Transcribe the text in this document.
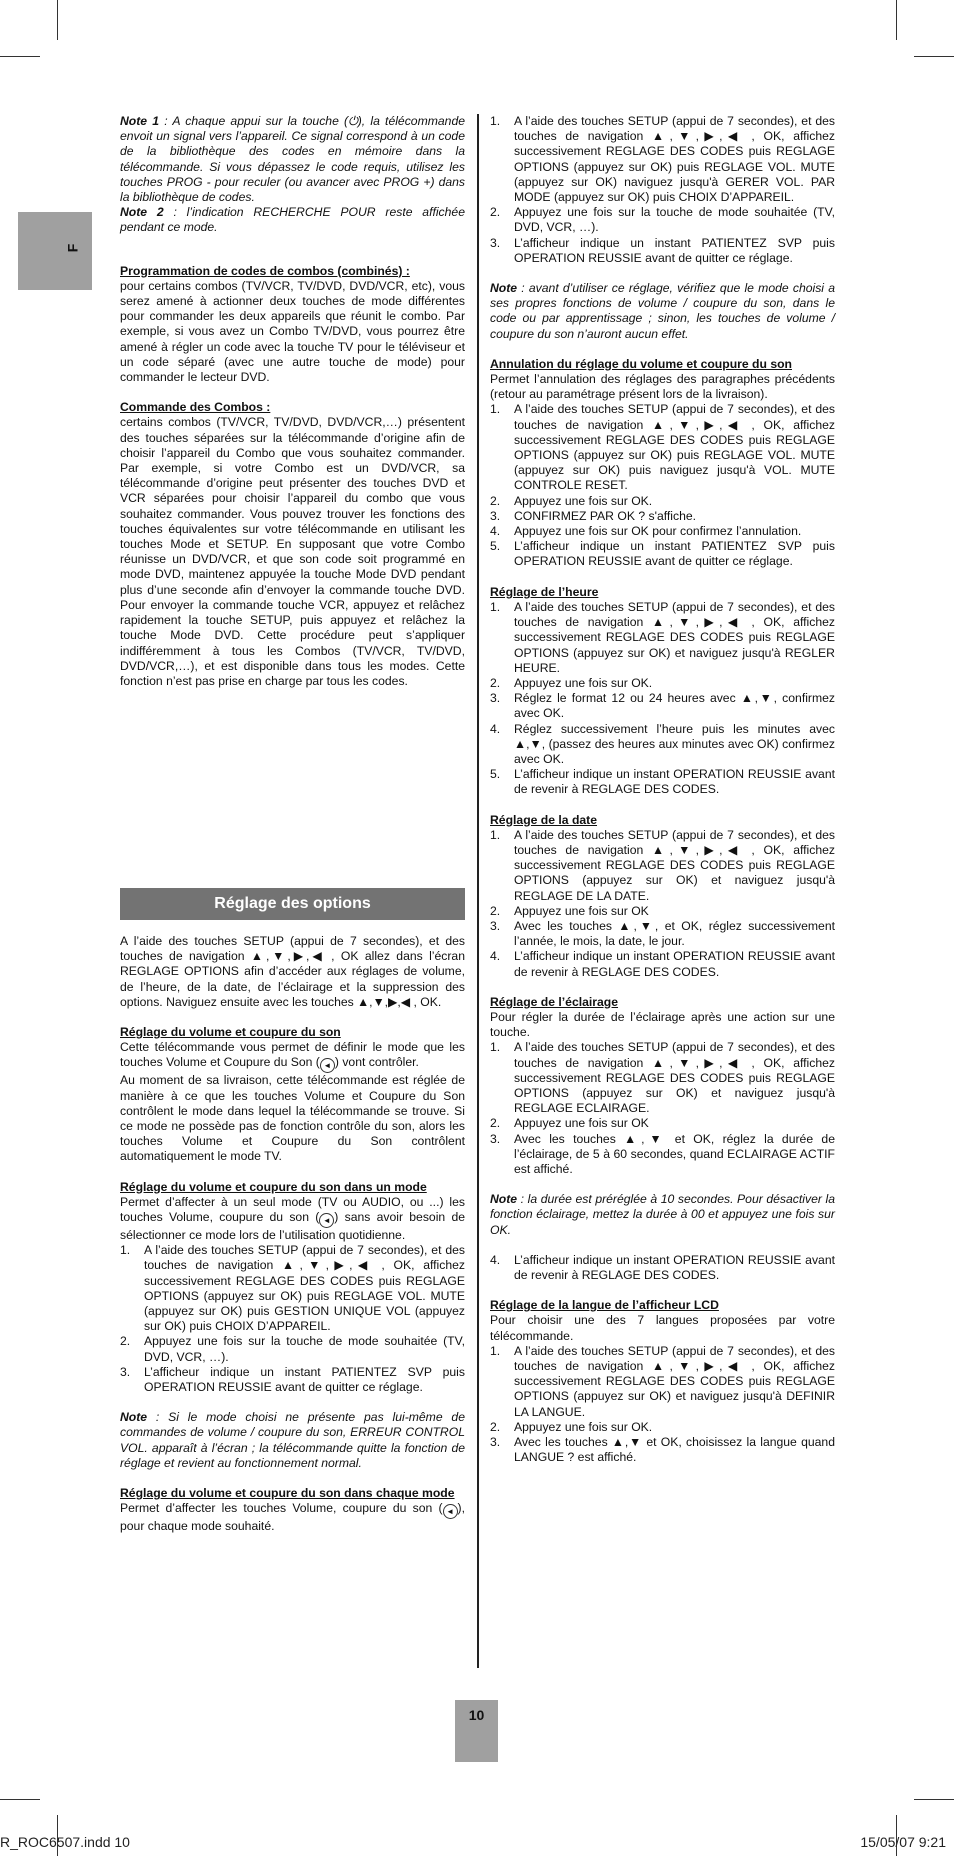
F

Note 1 : A chaque appui sur la touche (⏻), la télécommande envoit un signal vers l’appareil. Ce signal correspond à un code de la bibliothèque des codes en mémoire dans la télécommande. Si vous dépassez le code requis, utilisez les touches PROG - pour reculer (ou avancer avec PROG +) dans la bibliothèque de codes.

Note 2 : l’indication RECHERCHE POUR reste affichée pendant ce mode.

Programmation de codes de combos (combinés) :

pour certains combos (TV/VCR, TV/DVD, DVD/VCR, etc), vous serez amené à actionner deux touches de mode différentes pour commander les deux appareils que réunit le combo. Par exemple, si vous avez un Combo TV/DVD, vous pourrez être amené à régler un code avec la touche TV pour le téléviseur et un code séparé (avec une autre touche de mode) pour commander le lecteur DVD.

Commande des Combos :

certains combos (TV/VCR, TV/DVD, DVD/VCR,…) présentent des touches séparées sur la télécommande d’origine afin de choisir l’appareil du Combo que vous souhaitez commander. Par exemple, si votre Combo est un DVD/VCR, sa télécommande d’origine peut présenter des touches DVD et VCR séparées pour choisir l’appareil du combo que vous souhaitez commander. Vous pouvez trouver les fonctions des touches équivalentes sur votre télécommande en utilisant les touches Mode et SETUP. En supposant que votre Combo réunisse un DVD/VCR, et que son code soit programmé en mode DVD, maintenez appuyée la touche Mode DVD pendant plus d’une seconde afin d’envoyer la commande touche DVD. Pour envoyer la commande touche VCR, appuyez et relâchez rapidement la touche SETUP, puis appuyez et relâchez la touche Mode DVD. Cette procédure peut s’appliquer indifféremment à tous les Combos (TV/VCR, TV/DVD, DVD/VCR,…), et est disponible dans tous les modes. Cette fonction n’est pas prise en charge par tous les codes.

Réglage des options

A l’aide des touches SETUP (appui de 7 secondes), et des touches de navigation ▲,▼,▶,◀ , OK allez dans l’écran REGLAGE OPTIONS afin d’accéder aux réglages de volume, de l’heure, de la date, de l’éclairage et la suppression des options. Naviguez ensuite avec les touches ▲,▼,▶,◀ , OK.

Réglage du volume et coupure du son

Cette télécommande vous permet de définir le mode que les touches Volume et Coupure du Son ( ◄ ) vont contrôler.

Au moment de sa livraison, cette télécommande est réglée de manière à ce que les touches Volume et Coupure du Son contrôlent le mode dans lequel la télécommande se trouve. Si ce mode ne possède pas de fonction contrôle du son, alors les touches Volume et Coupure du Son contrôlent automatiquement le mode TV.

Réglage du volume et coupure du son dans un mode

Permet d’affecter à un seul mode (TV ou AUDIO, ou ...) les touches Volume, coupure du son ( ◄ ) sans avoir besoin de sélectionner ce mode lors de l’utilisation quotidienne.

1. A l’aide des touches SETUP (appui de 7 secondes), et des touches de navigation ▲,▼,▶,◀ , OK, affichez successivement REGLAGE DES CODES puis REGLAGE OPTIONS (appuyez sur OK) puis REGLAGE VOL. MUTE (appuyez sur OK) puis GESTION UNIQUE VOL (appuyez sur OK) puis CHOIX D’APPAREIL.
2. Appuyez une fois sur la touche de mode souhaitée (TV, DVD, VCR, …).
3. L’afficheur indique un instant PATIENTEZ SVP puis OPERATION REUSSIE avant de quitter ce réglage.

Note : Si le mode choisi ne présente pas lui-même de commandes de volume / coupure du son, ERREUR CONTROL VOL. apparaît à l’écran ; la télécommande quitte la fonction de réglage et revient au fonctionnement normal.

Réglage du volume et coupure du son dans chaque mode

Permet d’affecter les touches Volume, coupure du son ( ◄ ), pour chaque mode souhaité.

1. A l’aide des touches SETUP (appui de 7 secondes), et des touches de navigation ▲,▼,▶,◀ , OK, affichez successivement REGLAGE DES CODES puis REGLAGE OPTIONS (appuyez sur OK) puis REGLAGE VOL. MUTE (appuyez sur OK) naviguez jusqu'à GERER VOL. PAR MODE (appuyez sur OK) puis CHOIX D’APPAREIL.
2. Appuyez une fois sur la touche de mode souhaitée (TV, DVD, VCR, …).
3. L’afficheur indique un instant PATIENTEZ SVP puis OPERATION REUSSIE avant de quitter ce réglage.

Note : avant d’utiliser ce réglage, vérifiez que le mode choisi a ses propres fonctions de volume / coupure du son, dans le code ou par apprentissage ; sinon, les touches de volume / coupure du son n’auront aucun effet.

Annulation du réglage du volume et coupure du son

Permet l’annulation des réglages des paragraphes précédents (retour au paramétrage présent lors de la livraison).

1. A l’aide des touches SETUP (appui de 7 secondes), et des touches de navigation ▲,▼,▶,◀ , OK, affichez successivement REGLAGE DES CODES puis REGLAGE OPTIONS (appuyez sur OK) puis REGLAGE VOL. MUTE (appuyez sur OK) puis naviguez jusqu'à VOL. MUTE CONTROLE RESET.
2. Appuyez une fois sur OK.
3. CONFIRMEZ PAR OK ? s'affiche.
4. Appuyez une fois sur OK pour confirmez l’annulation.
5. L’afficheur indique un instant PATIENTEZ SVP puis OPERATION REUSSIE avant de quitter ce réglage.

Réglage de l’heure

1. A l’aide des touches SETUP (appui de 7 secondes), et des touches de navigation ▲,▼,▶,◀ , OK, affichez successivement REGLAGE DES CODES puis REGLAGE OPTIONS (appuyez sur OK) et naviguez jusqu'à REGLER HEURE.
2. Appuyez une fois sur OK.
3. Réglez le format 12 ou 24 heures avec ▲,▼, confirmez avec OK.
4. Réglez successivement l’heure puis les minutes avec ▲,▼, (passez des heures aux minutes avec OK) confirmez avec OK.
5. L’afficheur indique un instant OPERATION REUSSIE avant de revenir à REGLAGE DES CODES.

Réglage de la date

1. A l’aide des touches SETUP (appui de 7 secondes), et des touches de navigation ▲,▼,▶,◀ , OK, affichez successivement REGLAGE DES CODES puis REGLAGE OPTIONS (appuyez sur OK) et naviguez jusqu'à REGLAGE DE LA DATE.
2. Appuyez une fois sur OK
3. Avec les touches ▲,▼, et OK, réglez successivement l’année, le mois, la date, le jour.
4. L’afficheur indique un instant OPERATION REUSSIE avant de revenir à REGLAGE DES CODES.

Réglage de l’éclairage

Pour régler la durée de l’éclairage après une action sur une touche.

1. A l’aide des touches SETUP (appui de 7 secondes), et des touches de navigation ▲,▼,▶,◀ , OK, affichez successivement REGLAGE DES CODES puis REGLAGE OPTIONS (appuyez sur OK) et naviguez jusqu'à REGLAGE ECLAIRAGE.
2. Appuyez une fois sur OK
3. Avec les touches ▲,▼ et OK, réglez la durée de l’éclairage, de 5 à 60 secondes, quand ECLAIRAGE ACTIF est affiché.

Note : la durée est préréglée à 10 secondes. Pour désactiver la fonction éclairage, mettez la durée à 00 et appuyez une fois sur OK.

4. L’afficheur indique un instant OPERATION REUSSIE avant de revenir à REGLAGE DES CODES.

Réglage de la langue de l’afficheur LCD

Pour choisir une des 7 langues proposées par votre télécommande.

1. A l’aide des touches SETUP (appui de 7 secondes), et des touches de navigation ▲,▼,▶,◀ , OK, affichez successivement REGLAGE DES CODES puis REGLAGE OPTIONS (appuyez sur OK) et naviguez jusqu'à DEFINIR LA LANGUE.
2. Appuyez une fois sur OK.
3. Avec les touches ▲,▼ et OK, choisissez la langue quand LANGUE ? est affiché.
10
R_ROC6507.indd 10	15/05/07 9:21
